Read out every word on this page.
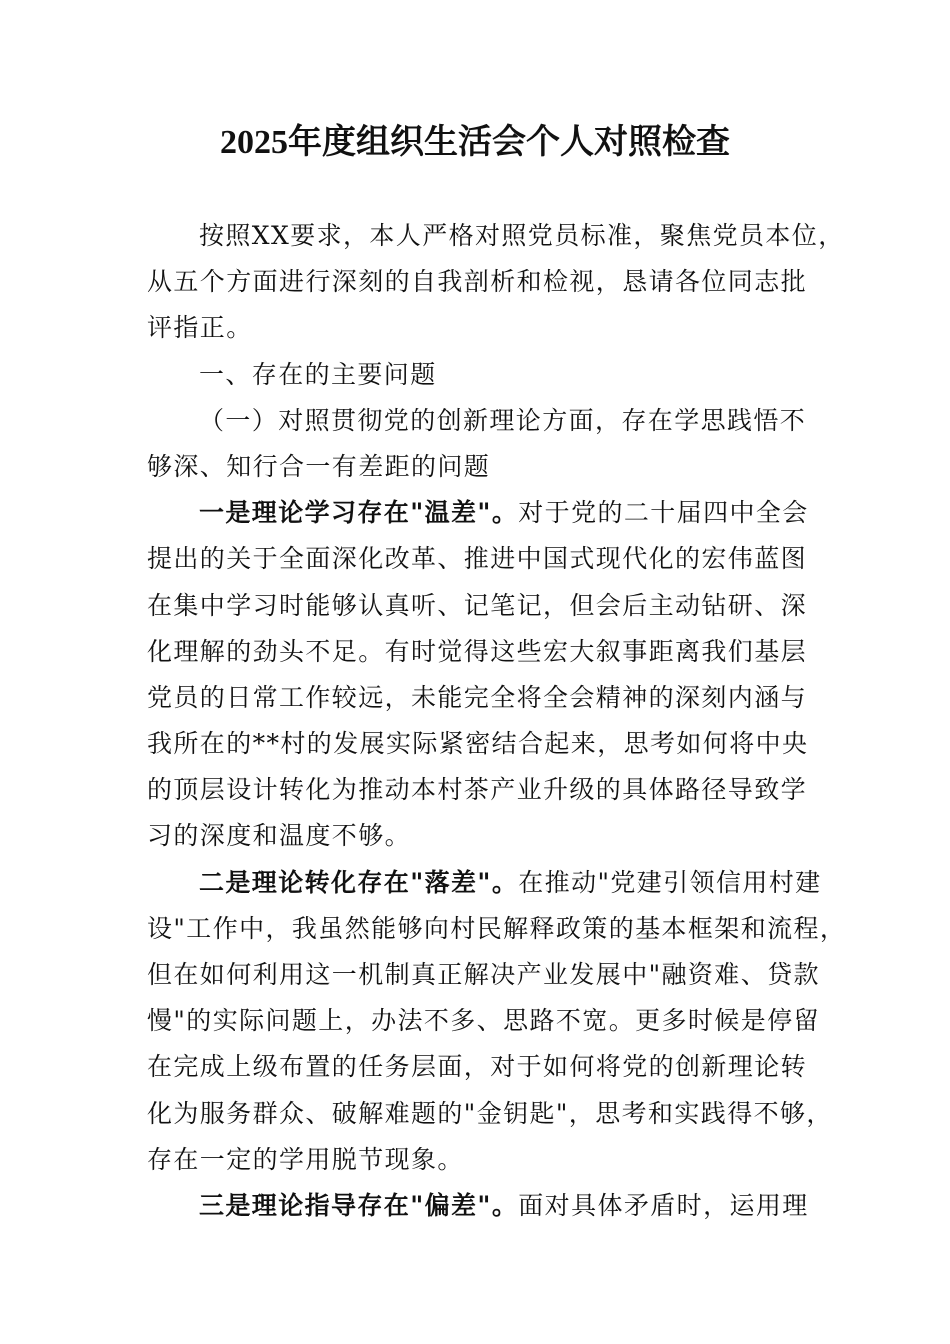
2025年度组织生活会个人对照检查
按照XX要求，本人严格对照党员标准，聚焦党员本位，
从五个方面进行深刻的自我剖析和检视，恳请各位同志批
评指正。
一、存在的主要问题
（一）对照贯彻党的创新理论方面，存在学思践悟不
够深、知行合一有差距的问题
一是理论学习存在"温差"。对于党的二十届四中全会
提出的关于全面深化改革、推进中国式现代化的宏伟蓝图
在集中学习时能够认真听、记笔记，但会后主动钻研、深
化理解的劲头不足。有时觉得这些宏大叙事距离我们基层
党员的日常工作较远，未能完全将全会精神的深刻内涵与
我所在的**村的发展实际紧密结合起来，思考如何将中央
的顶层设计转化为推动本村茶产业升级的具体路径导致学
习的深度和温度不够。
二是理论转化存在"落差"。在推动"党建引领信用村建
设"工作中，我虽然能够向村民解释政策的基本框架和流程，
但在如何利用这一机制真正解决产业发展中"融资难、贷款
慢"的实际问题上，办法不多、思路不宽。更多时候是停留
在完成上级布置的任务层面，对于如何将党的创新理论转
化为服务群众、破解难题的"金钥匙"，思考和实践得不够，
存在一定的学用脱节现象。
三是理论指导存在"偏差"。面对具体矛盾时，运用理
